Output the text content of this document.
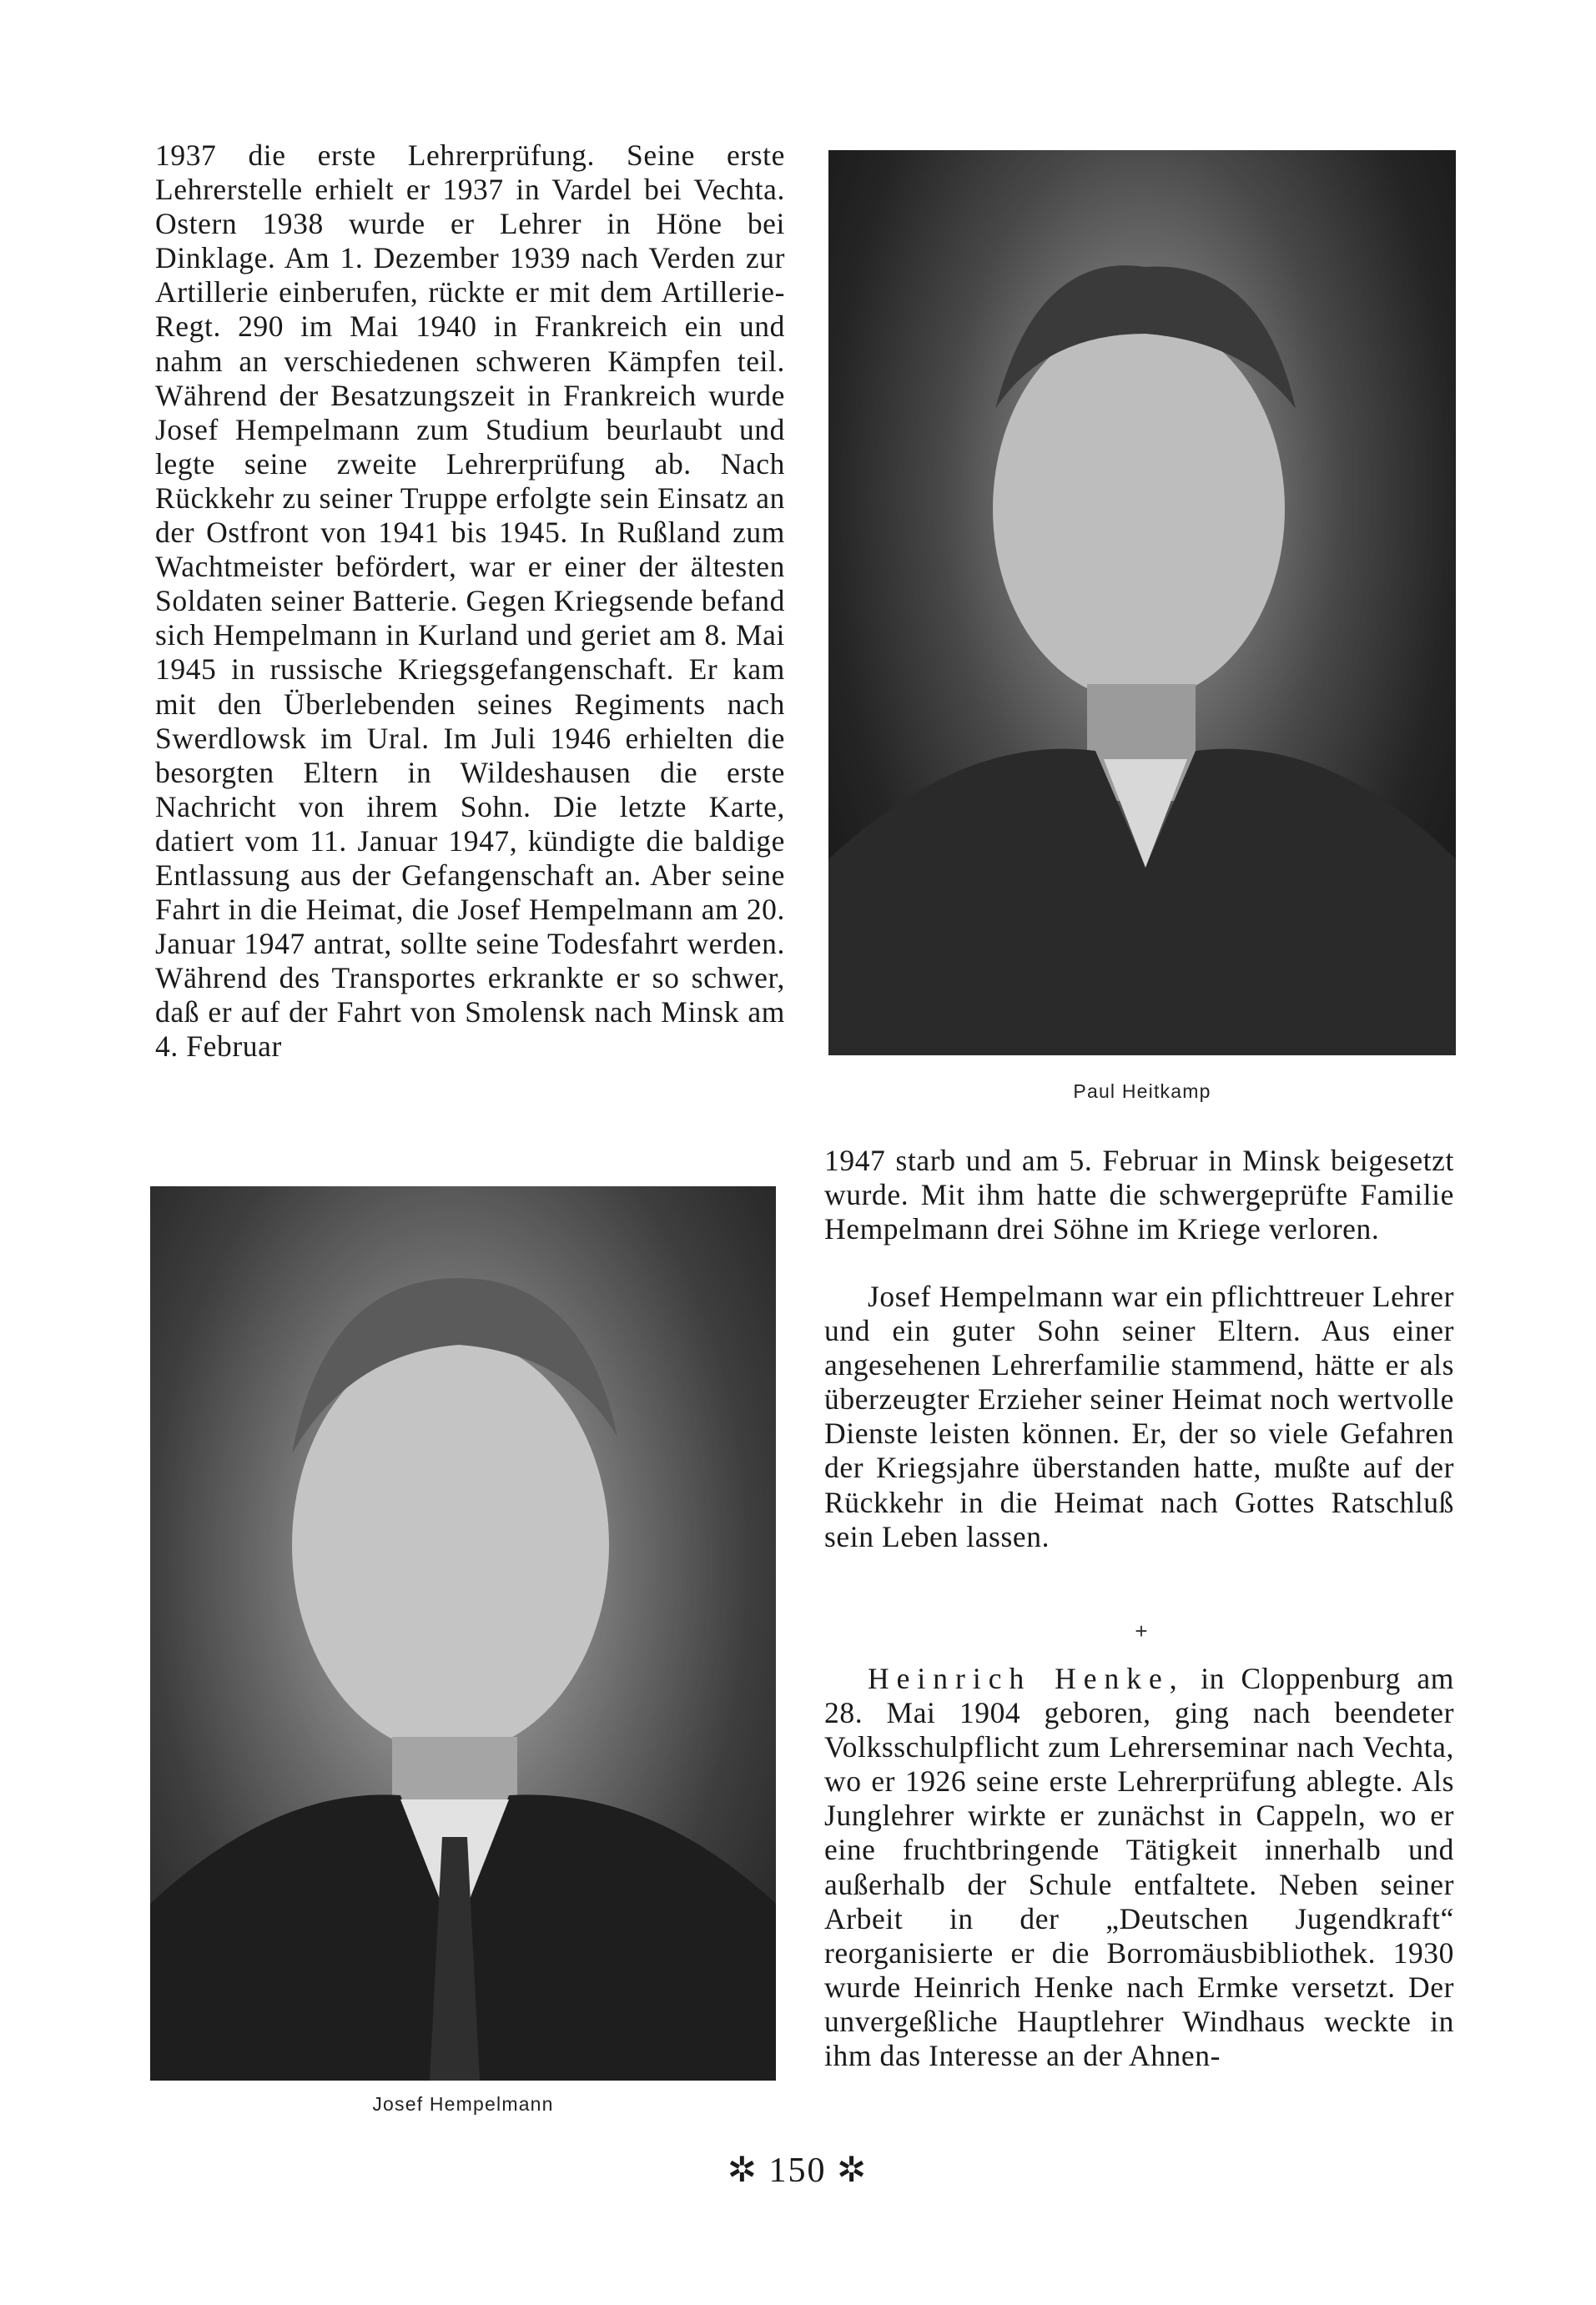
1937 die erste Lehrerprüfung. Seine erste Lehrerstelle erhielt er 1937 in Vardel bei Vechta. Ostern 1938 wurde er Lehrer in Höne bei Dinklage. Am 1. Dezember 1939 nach Verden zur Artillerie einberufen, rückte er mit dem Artillerie-Regt. 290 im Mai 1940 in Frankreich ein und nahm an verschiedenen schweren Kämpfen teil. Während der Besatzungszeit in Frankreich wurde Josef Hempelmann zum Studium beurlaubt und legte seine zweite Lehrerprüfung ab. Nach Rückkehr zu seiner Truppe erfolgte sein Einsatz an der Ostfront von 1941 bis 1945. In Rußland zum Wachtmeister befördert, war er einer der ältesten Soldaten seiner Batterie. Gegen Kriegsende befand sich Hempelmann in Kurland und geriet am 8. Mai 1945 in russische Kriegsgefangenschaft. Er kam mit den Überlebenden seines Regiments nach Swerdlowsk im Ural. Im Juli 1946 erhielten die besorgten Eltern in Wildeshausen die erste Nachricht von ihrem Sohn. Die letzte Karte, datiert vom 11. Januar 1947, kündigte die baldige Entlassung aus der Gefangenschaft an. Aber seine Fahrt in die Heimat, die Josef Hempelmann am 20. Januar 1947 antrat, sollte seine Todesfahrt werden. Während des Transportes erkrankte er so schwer, daß er auf der Fahrt von Smolensk nach Minsk am 4. Februar

Paul Heitkamp
Josef Hempelmann

1947 starb und am 5. Februar in Minsk beigesetzt wurde. Mit ihm hatte die schwergeprüfte Familie Hempelmann drei Söhne im Kriege verloren.

Josef Hempelmann war ein pflichttreuer Lehrer und ein guter Sohn seiner Eltern. Aus einer angesehenen Lehrerfamilie stammend, hätte er als überzeugter Erzieher seiner Heimat noch wertvolle Dienste leisten können. Er, der so viele Gefahren der Kriegsjahre überstanden hatte, mußte auf der Rückkehr in die Heimat nach Gottes Ratschluß sein Leben lassen.

+

Heinrich Henke, in Cloppenburg am 28. Mai 1904 geboren, ging nach beendeter Volksschulpflicht zum Lehrerseminar nach Vechta, wo er 1926 seine erste Lehrerprüfung ablegte. Als Junglehrer wirkte er zunächst in Cappeln, wo er eine fruchtbringende Tätigkeit innerhalb und außerhalb der Schule entfaltete. Neben seiner Arbeit in der „Deutschen Jugendkraft“ reorganisierte er die Borromäusbibliothek. 1930 wurde Heinrich Henke nach Ermke versetzt. Der unvergeßliche Hauptlehrer Windhaus weckte in ihm das Interesse an der Ahnen-

✲ 150 ✲
